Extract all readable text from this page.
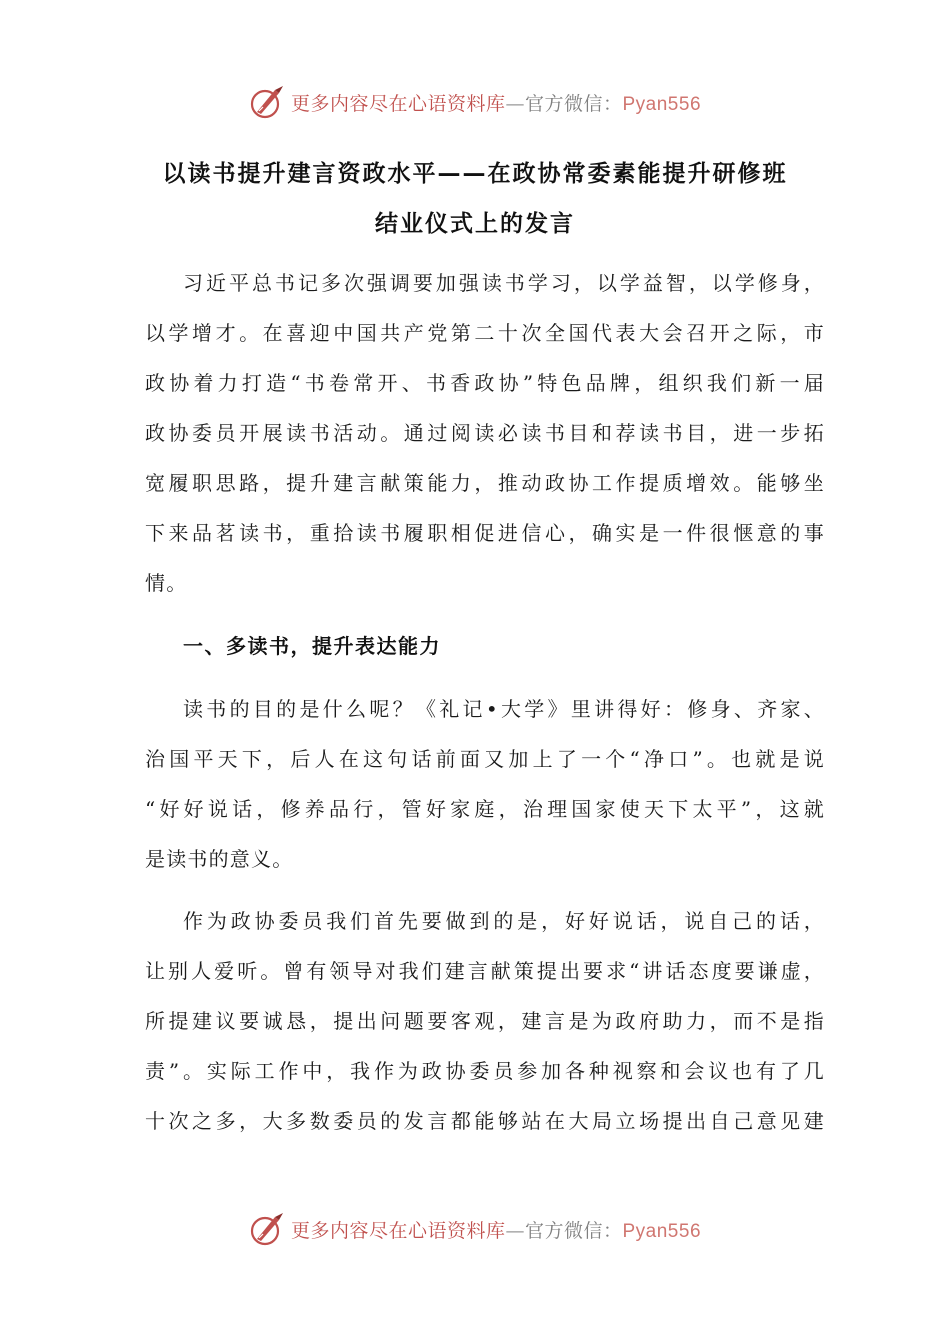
更多内容尽在心语资料库—官方微信：Pyan556
以读书提升建言资政水平——在政协常委素能提升研修班
结业仪式上的发言
习近平总书记多次强调要加强读书学习，以学益智，以学修身，
以学增才。在喜迎中国共产党第二十次全国代表大会召开之际，市
政协着力打造“书卷常开、书香政协”特色品牌，组织我们新一届
政协委员开展读书活动。通过阅读必读书目和荐读书目，进一步拓
宽履职思路，提升建言献策能力，推动政协工作提质增效。能够坐
下来品茗读书，重拾读书履职相促进信心，确实是一件很惬意的事
情。
一、多读书，提升表达能力
读书的目的是什么呢？《礼记•大学》里讲得好：修身、齐家、
治国平天下，后人在这句话前面又加上了一个“净口”。也就是说
“好好说话，修养品行，管好家庭，治理国家使天下太平”，这就
是读书的意义。
作为政协委员我们首先要做到的是，好好说话，说自己的话，
让别人爱听。曾有领导对我们建言献策提出要求“讲话态度要谦虚，
所提建议要诚恳，提出问题要客观，建言是为政府助力，而不是指
责”。实际工作中，我作为政协委员参加各种视察和会议也有了几
十次之多，大多数委员的发言都能够站在大局立场提出自己意见建
更多内容尽在心语资料库—官方微信：Pyan556
